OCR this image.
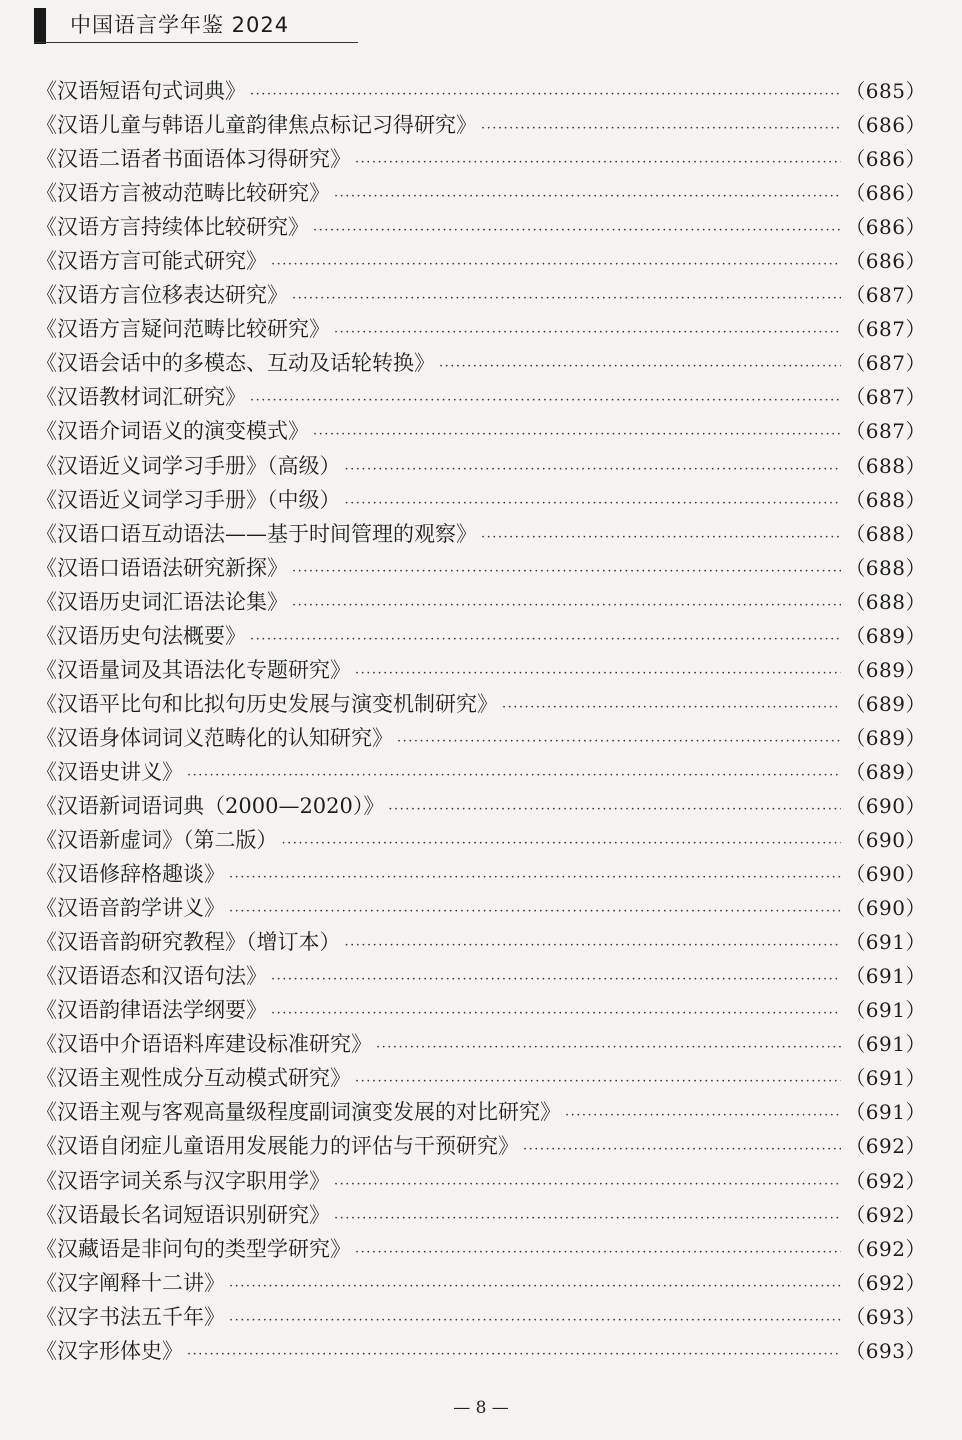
中国语言学年鉴 2024
《汉语短语句式词典》 ·····	（685）
《汉语儿童与韩语儿童韵律焦点标记习得研究》 ·····	（686）
《汉语二语者书面语体习得研究》 ·····	（686）
《汉语方言被动范畴比较研究》 ·····	（686）
《汉语方言持续体比较研究》 ·····	（686）
《汉语方言可能式研究》 ·····	（686）
《汉语方言位移表达研究》 ·····	（687）
《汉语方言疑问范畴比较研究》 ·····	（687）
《汉语会话中的多模态、互动及话轮转换》 ·····	（687）
《汉语教材词汇研究》 ·····	（687）
《汉语介词语义的演变模式》 ·····	（687）
《汉语近义词学习手册》（高级） ·····	（688）
《汉语近义词学习手册》（中级） ·····	（688）
《汉语口语互动语法——基于时间管理的观察》 ·····	（688）
《汉语口语语法研究新探》 ·····	（688）
《汉语历史词汇语法论集》 ·····	（688）
《汉语历史句法概要》 ·····	（689）
《汉语量词及其语法化专题研究》 ·····	（689）
《汉语平比句和比拟句历史发展与演变机制研究》 ·····	（689）
《汉语身体词词义范畴化的认知研究》 ·····	（689）
《汉语史讲义》 ·····	（689）
《汉语新词语词典（2000—2020）》 ·····	（690）
《汉语新虚词》（第二版） ·····	（690）
《汉语修辞格趣谈》 ·····	（690）
《汉语音韵学讲义》 ·····	（690）
《汉语音韵研究教程》（增订本） ·····	（691）
《汉语语态和汉语句法》 ·····	（691）
《汉语韵律语法学纲要》 ·····	（691）
《汉语中介语语料库建设标准研究》 ·····	（691）
《汉语主观性成分互动模式研究》 ·····	（691）
《汉语主观与客观高量级程度副词演变发展的对比研究》 ·····	（691）
《汉语自闭症儿童语用发展能力的评估与干预研究》 ·····	（692）
《汉语字词关系与汉字职用学》 ·····	（692）
《汉语最长名词短语识别研究》 ·····	（692）
《汉藏语是非问句的类型学研究》 ·····	（692）
《汉字阐释十二讲》 ·····	（692）
《汉字书法五千年》 ·····	（693）
《汉字形体史》 ·····	（693）
— 8 —
